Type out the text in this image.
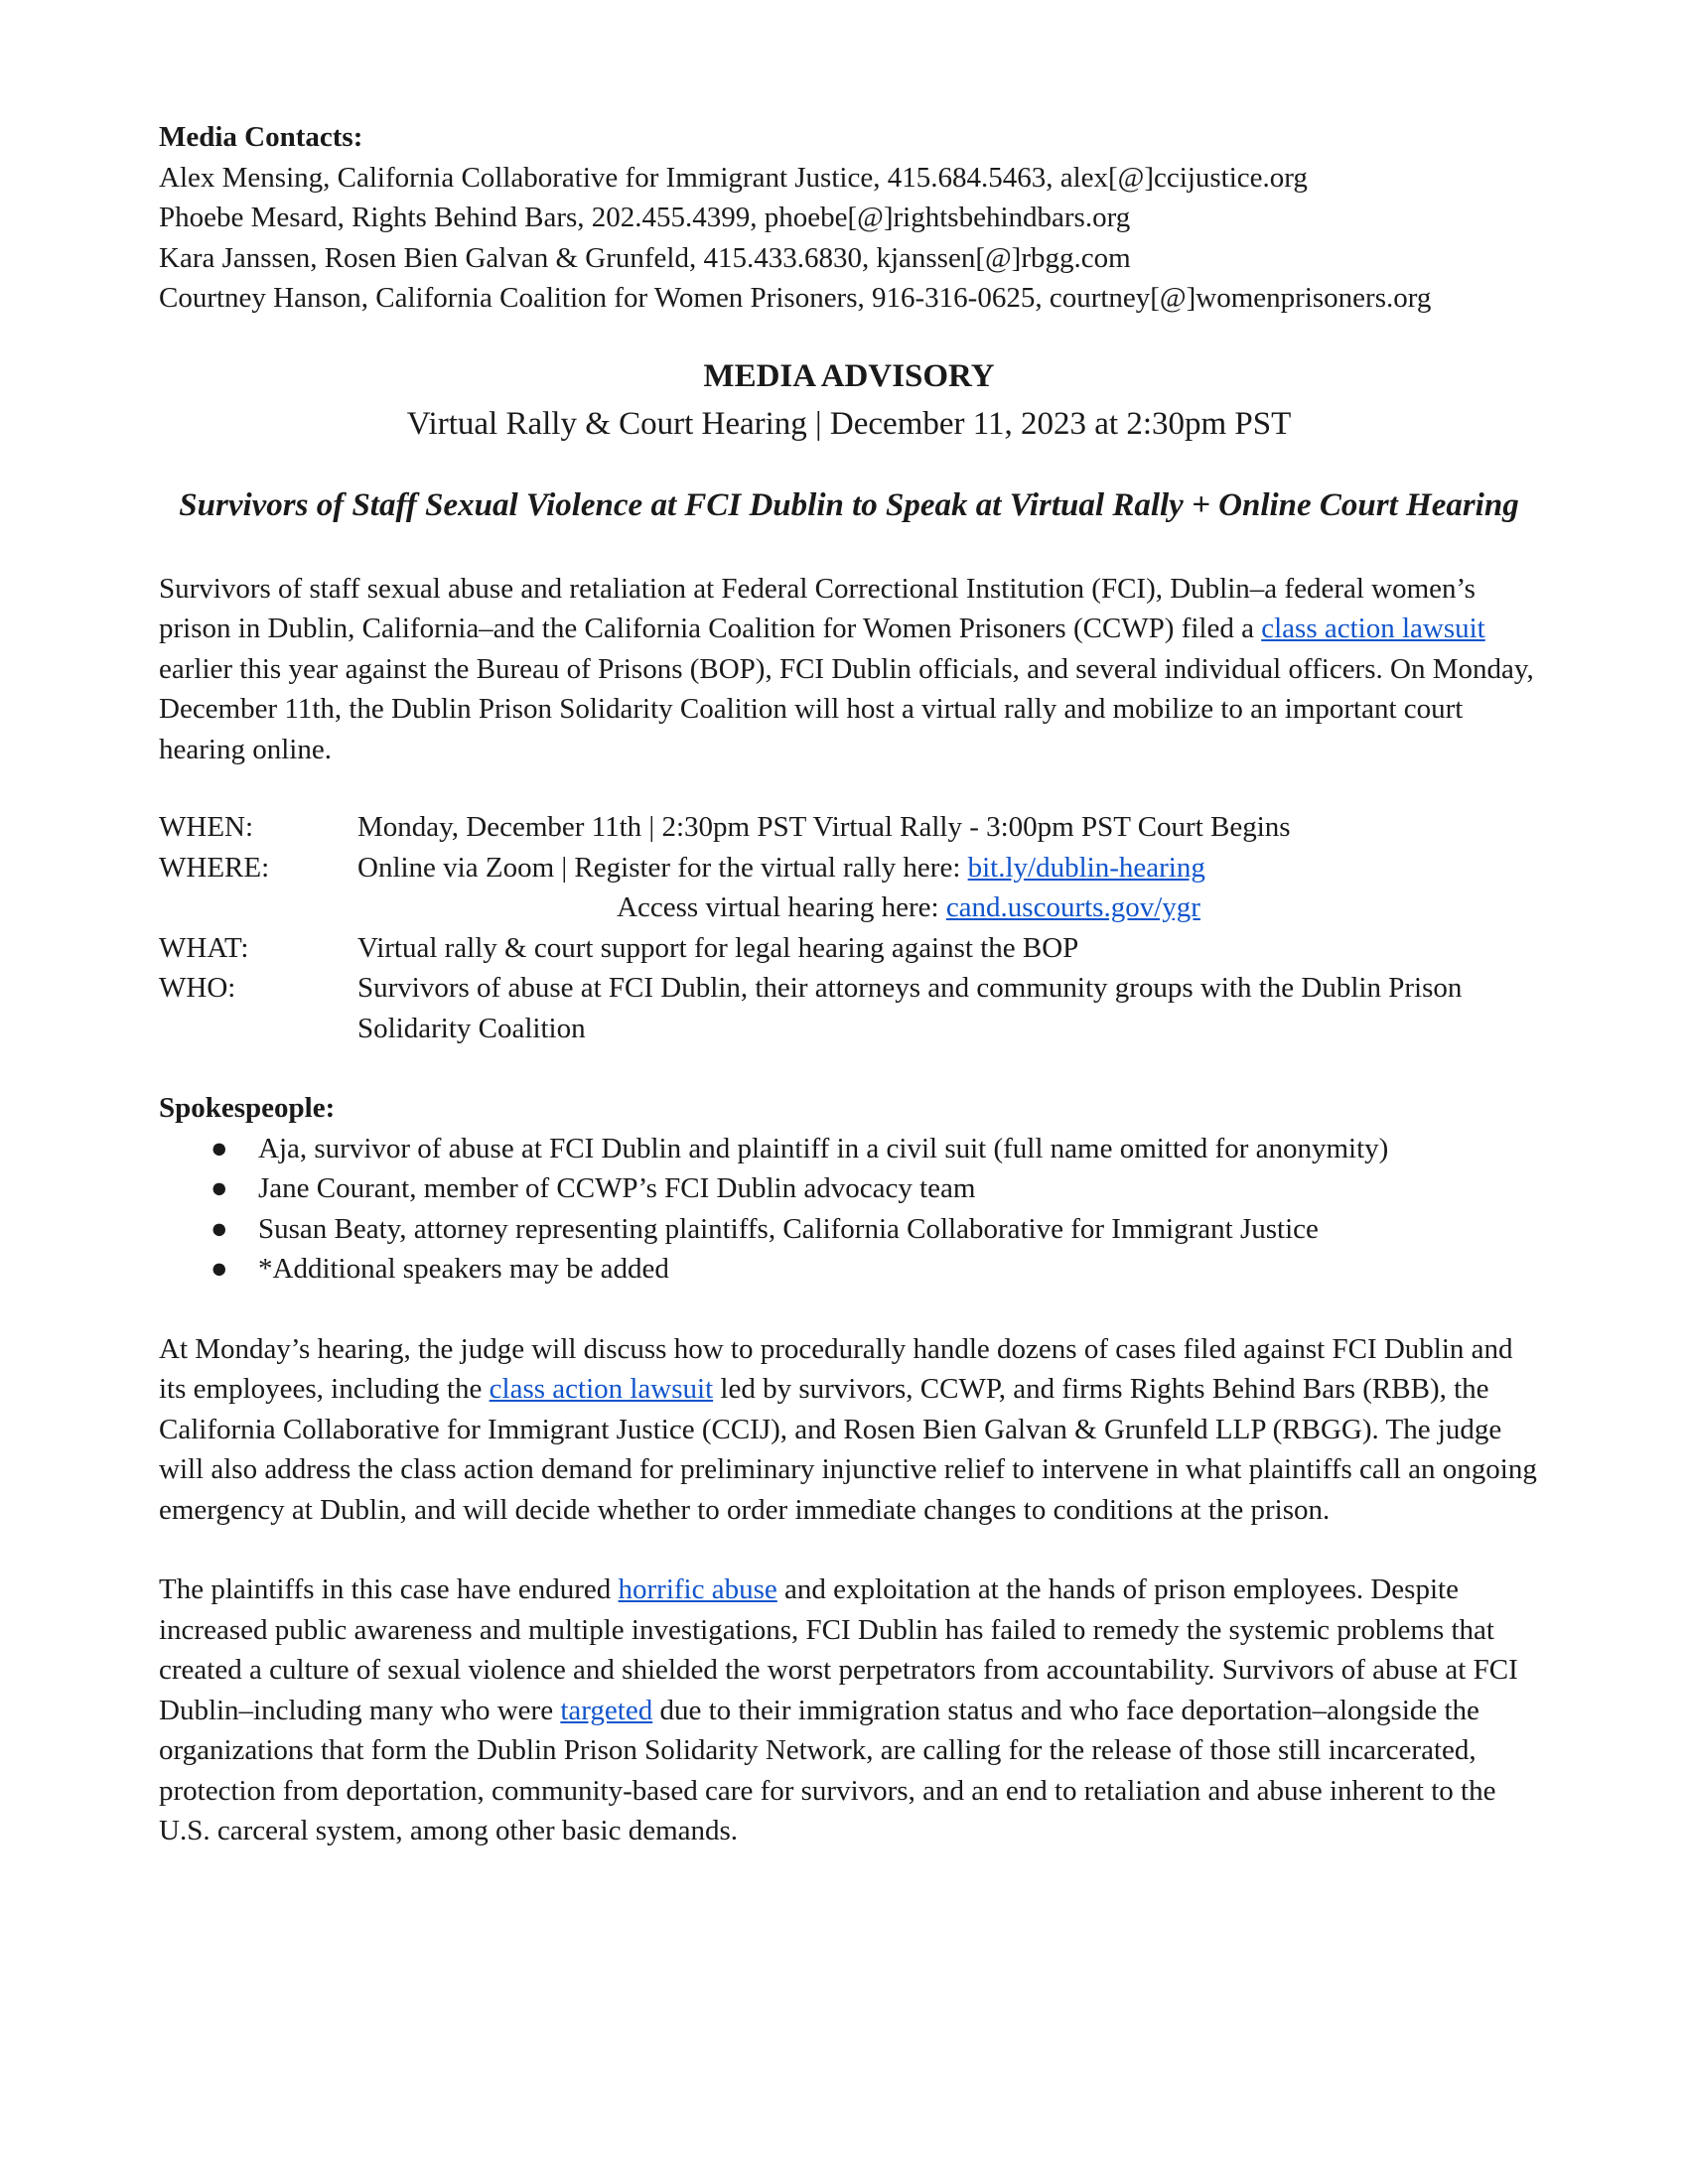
Media Contacts:

Alex Mensing, California Collaborative for Immigrant Justice, 415.684.5463, alex[@]ccijustice.org

Phoebe Mesard, Rights Behind Bars, 202.455.4399, phoebe[@]rightsbehindbars.org

Kara Janssen, Rosen Bien Galvan & Grunfeld, 415.433.6830, kjanssen[@]rbgg.com

Courtney Hanson, California Coalition for Women Prisoners, 916-316-0625, courtney[@]womenprisoners.org

MEDIA ADVISORY

Virtual Rally & Court Hearing | December 11, 2023 at 2:30pm PST

Survivors of Staff Sexual Violence at FCI Dublin to Speak at Virtual Rally + Online Court Hearing

Survivors of staff sexual abuse and retaliation at Federal Correctional Institution (FCI), Dublin–a federal women’s prison in Dublin, California–and the California Coalition for Women Prisoners (CCWP) filed a class action lawsuit earlier this year against the Bureau of Prisons (BOP), FCI Dublin officials, and several individual officers. On Monday, December 11th, the Dublin Prison Solidarity Coalition will host a virtual rally and mobilize to an important court hearing online.

WHEN:	Monday, December 11th | 2:30pm PST Virtual Rally - 3:00pm PST Court Begins
WHERE:	Online via Zoom | Register for the virtual rally here: bit.ly/dublin-hearing
Access virtual hearing here: cand.uscourts.gov/ygr
WHAT:	Virtual rally & court support for legal hearing against the BOP
WHO:	Survivors of abuse at FCI Dublin, their attorneys and community groups with the Dublin Prison Solidarity Coalition

Spokespeople:

● Aja, survivor of abuse at FCI Dublin and plaintiff in a civil suit (full name omitted for anonymity)
● Jane Courant, member of CCWP’s FCI Dublin advocacy team
● Susan Beaty, attorney representing plaintiffs, California Collaborative for Immigrant Justice
● *Additional speakers may be added

At Monday’s hearing, the judge will discuss how to procedurally handle dozens of cases filed against FCI Dublin and its employees, including the class action lawsuit led by survivors, CCWP, and firms Rights Behind Bars (RBB), the California Collaborative for Immigrant Justice (CCIJ), and Rosen Bien Galvan & Grunfeld LLP (RBGG). The judge will also address the class action demand for preliminary injunctive relief to intervene in what plaintiffs call an ongoing emergency at Dublin, and will decide whether to order immediate changes to conditions at the prison.

The plaintiffs in this case have endured horrific abuse and exploitation at the hands of prison employees. Despite increased public awareness and multiple investigations, FCI Dublin has failed to remedy the systemic problems that created a culture of sexual violence and shielded the worst perpetrators from accountability. Survivors of abuse at FCI Dublin–including many who were targeted due to their immigration status and who face deportation–alongside the organizations that form the Dublin Prison Solidarity Network, are calling for the release of those still incarcerated, protection from deportation, community-based care for survivors, and an end to retaliation and abuse inherent to the U.S. carceral system, among other basic demands.
